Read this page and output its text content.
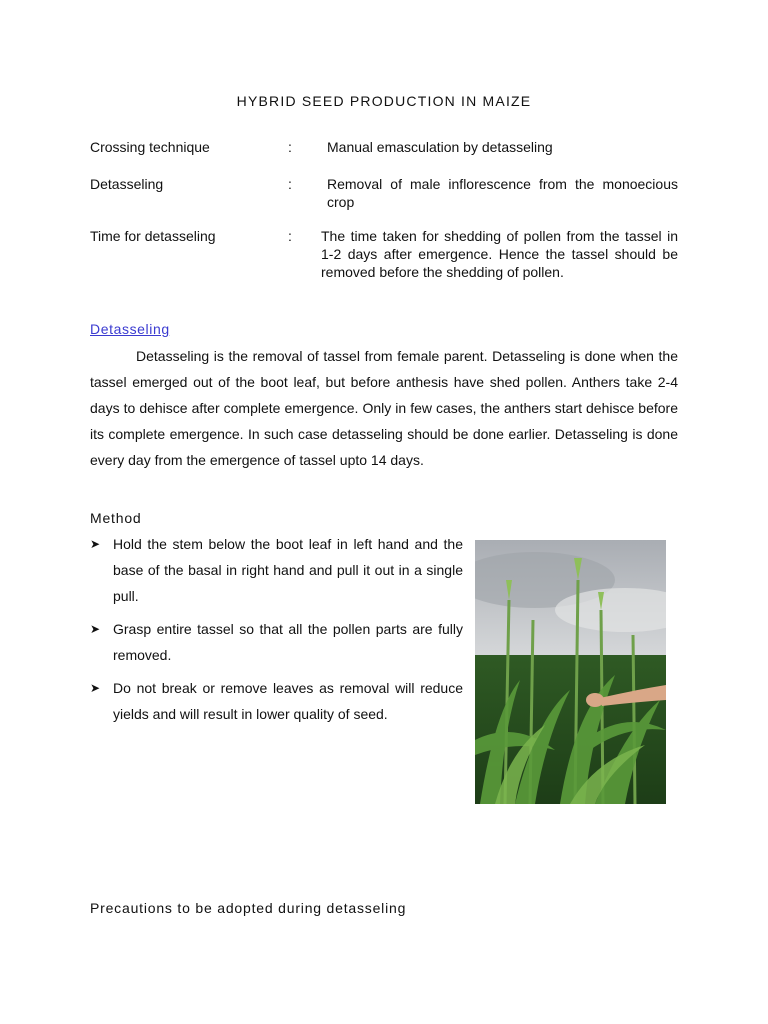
HYBRID SEED PRODUCTION IN MAIZE
Crossing technique	:	Manual emasculation by detasseling
Detasseling	:	Removal of male inflorescence from the monoecious crop
Time for detasseling	: The time taken for shedding of pollen from the tassel in 1-2 days after emergence. Hence the tassel should be removed before the shedding of pollen.
Detasseling

Detasseling is the removal of tassel from female parent. Detasseling is done when the tassel emerged out of the boot leaf, but before anthesis have shed pollen. Anthers take 2-4 days to dehisce after complete emergence. Only in few cases, the anthers start dehisce before its complete emergence. In such case detasseling should be done earlier. Detasseling is done every day from the emergence of tassel upto 14 days.

Method
➤ Hold the stem below the boot leaf in left hand and the base of the basal in right hand and pull it out in a single pull.
➤ Grasp entire tassel so that all the pollen parts are fully removed.
➤ Do not break or remove leaves as removal will reduce yields and will result in lower quality of seed.
Precautions to be adopted during detasseling
